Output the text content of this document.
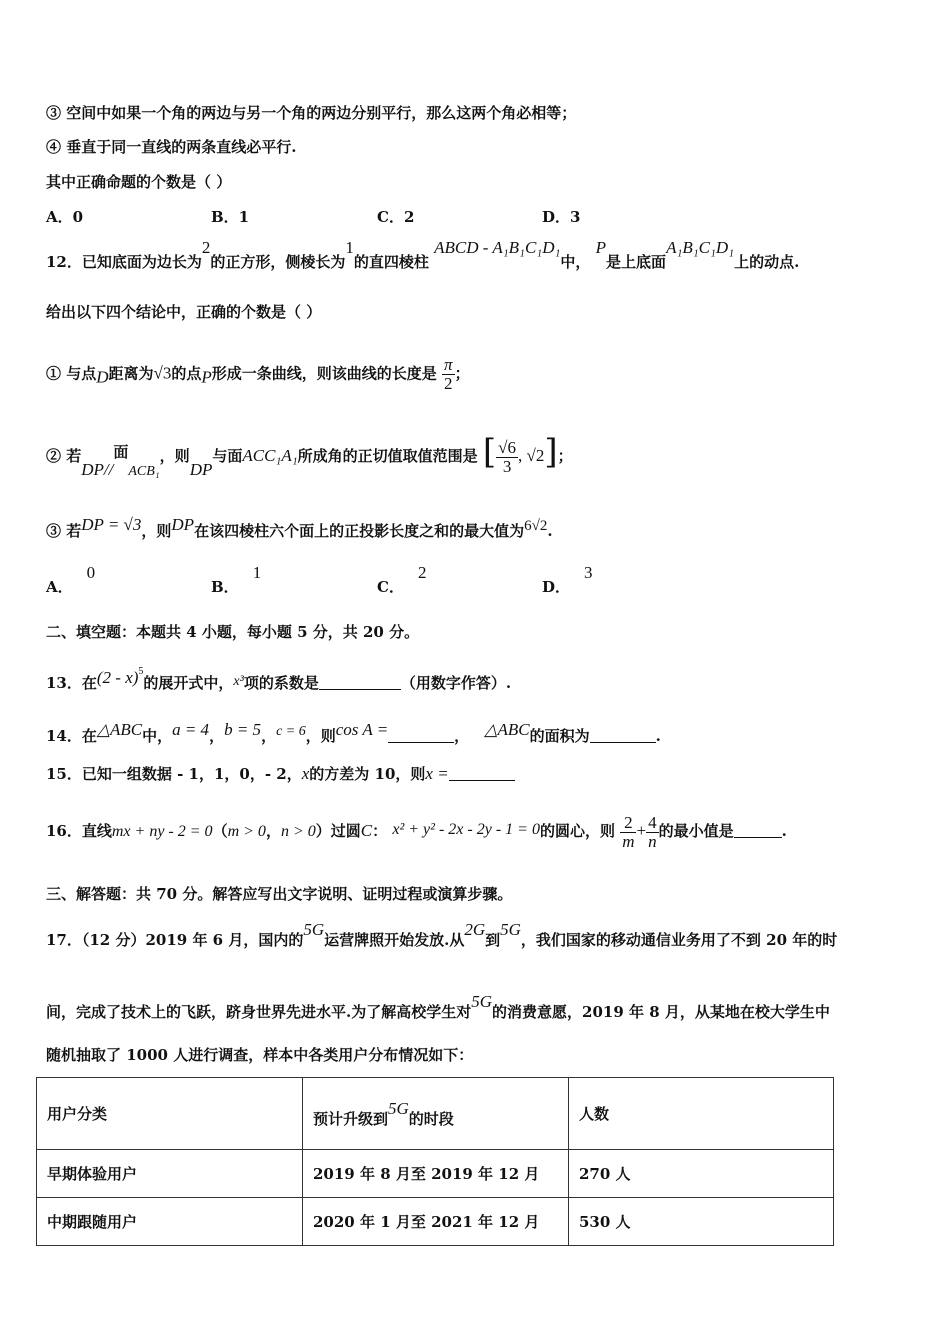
③ 空间中如果一个角的两边与另一个角的两边分别平行，那么这两个角必相等；
④ 垂直于同一直线的两条直线必平行.
其中正确命题的个数是（ ）
A．0	B．1	C．2	D．3
12．已知底面为边长为2的正方形，侧棱长为1的直四棱柱 ABCD - A₁B₁C₁D₁中， P是上底面A₁B₁C₁D₁上的动点.
给出以下四个结论中，正确的个数是（ ）
① 与点D距离为√3的点P形成一条曲线，则该曲线的长度是 $\frac{\pi}{2}$ ；
② 若DP//面ACB₁，则DP与面ACC₁A₁所成角的正切值取值范围是 [ $\frac{√6}{3}$ , √2]；
③ 若DP = √3，则DP在该四棱柱六个面上的正投影长度之和的最大值为6√2.
A．0
B．1
C．2
D．3
二、填空题：本题共 4 小题，每小题 5 分，共 20 分。
13．在(2 - x)$^5$的展开式中，x³项的系数是	（用数字作答）.
14．在△ABC中，a = 4，b = 5，c = 6，则cos A =	， △ABC的面积为	.
15．已知一组数据 - 1，1，0，- 2，x的方差为 10，则x =
16．直线mx + ny - 2 = 0（m > 0，n > 0）过圆C： x² + y² - 2x - 2y - 1 = 0的圆心，则 $\frac{2}{m} + \frac{4}{n}$ 的最小值是	.
三、解答题：共 70 分。解答应写出文字说明、证明过程或演算步骤。
17．（12 分）2019 年 6 月，国内的5G运营牌照开始发放.从2G到5G，我们国家的移动通信业务用了不到 20 年的时
间，完成了技术上的飞跃，跻身世界先进水平.为了解高校学生对5G的消费意愿，2019 年 8 月，从某地在校大学生中
随机抽取了 1000 人进行调查，样本中各类用户分布情况如下：
用户分类	预计升级到5G的时段	人数
早期体验用户	2019 年 8 月至 2019 年 12 月	270 人
中期跟随用户	2020 年 1 月至 2021 年 12 月	530 人
